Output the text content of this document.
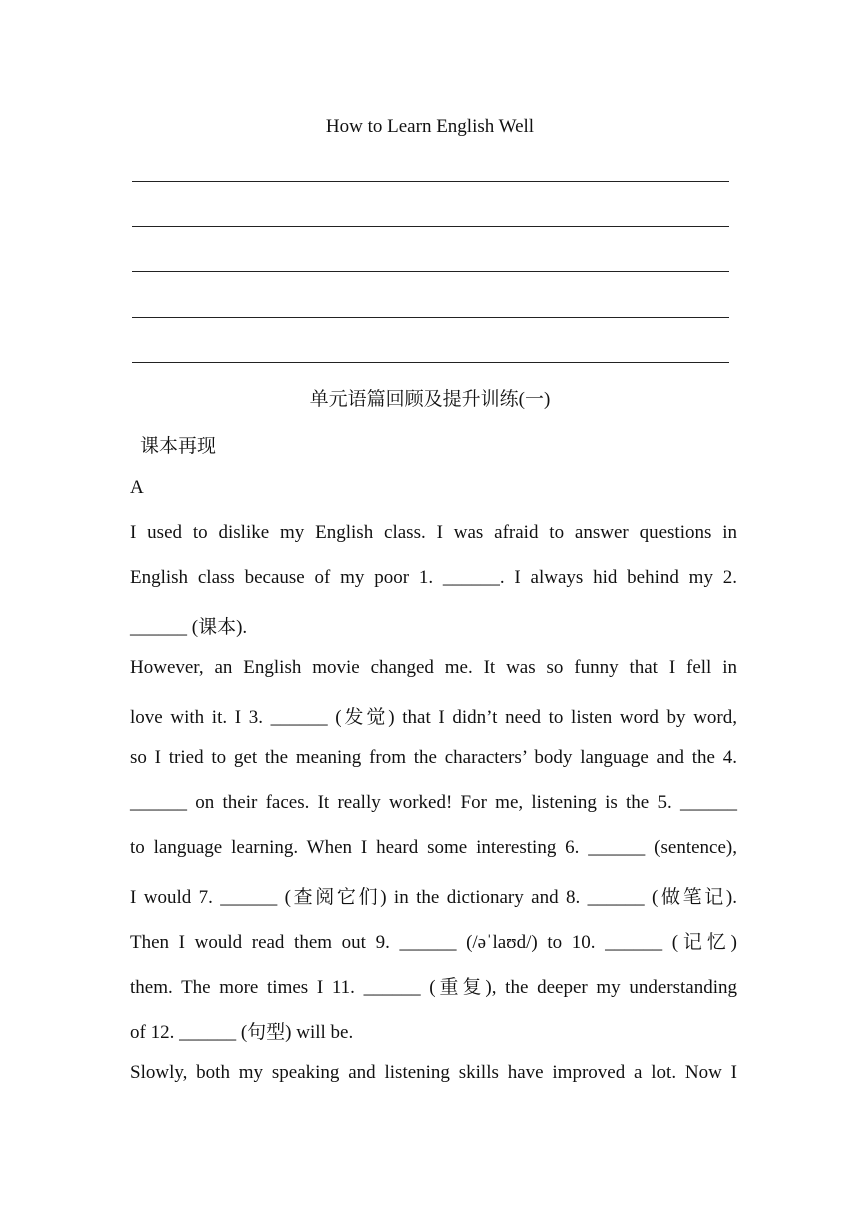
How to Learn English Well
单元语篇回顾及提升训练(一)
课本再现
A
I used to dislike my English class. I was afraid to answer questions in
English class because of my poor 1. ______. I always hid behind my 2.
______ (课本).
However, an English movie changed me. It was so funny that I fell in
love with it. I 3. ______ (发觉) that I didn’t need to listen word by word,
so I tried to get the meaning from the characters’ body language and the 4.
______ on their faces. It really worked! For me, listening is the 5. ______
to language learning. When I heard some interesting 6. ______ (sentence),
I would 7. ______ (查阅它们) in the dictionary and 8. ______ (做笔记).
Then I would read them out 9. ______ (/əˈlaʊd/) to 10. ______ (记忆)
them. The more times I 11. ______ (重复), the deeper my understanding
of 12. ______ (句型) will be.
Slowly, both my speaking and listening skills have improved a lot. Now I
